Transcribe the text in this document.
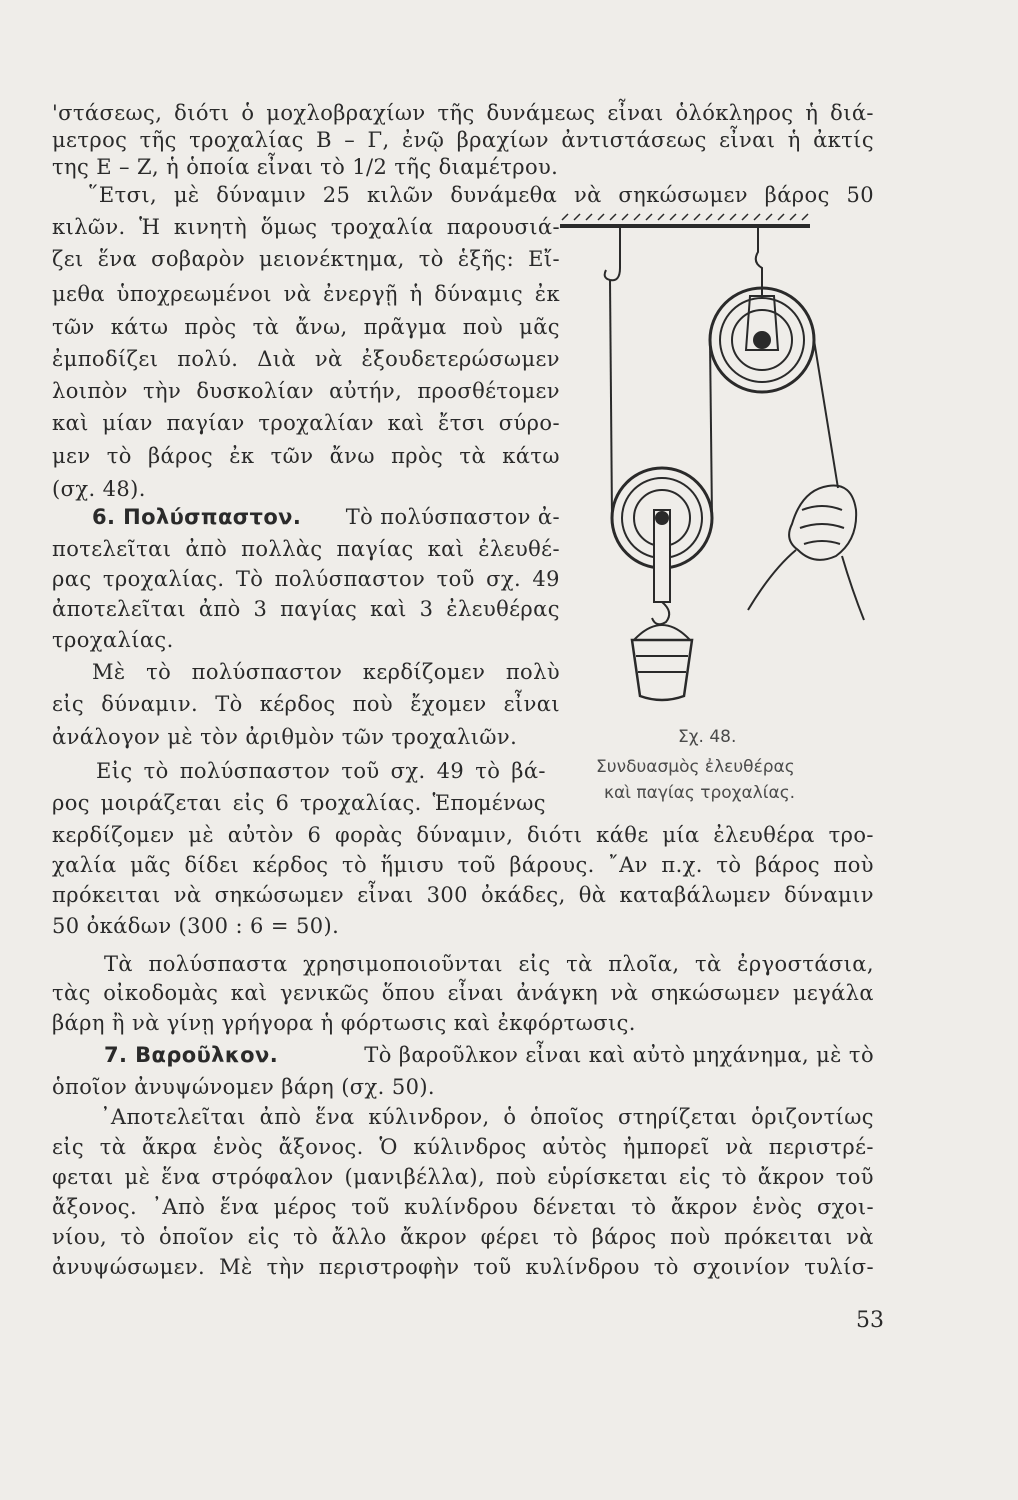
'στάσεως, διότι ὁ μοχλοβραχίων τῆς δυνάμεως εἶναι ὁλόκληρος ἡ διά-
μετρος τῆς τροχαλίας Β – Γ, ἐνῷ βραχίων ἀντιστάσεως εἶναι ἡ ἀκτίς
της Ε – Ζ, ἡ ὁποία εἶναι τὸ 1/2 τῆς διαμέτρου.
῞Ετσι, μὲ δύναμιν 25 κιλῶν δυνάμεθα νὰ σηκώσωμεν βάρος 50
κιλῶν. Ἡ κινητὴ ὅμως τροχαλία παρουσιά-
ζει ἕνα σοβαρὸν μειονέκτημα, τὸ ἑξῆς: Εἴ-
μεθα ὑποχρεωμένοι νὰ ἐνεργῇ ἡ δύναμις ἐκ
τῶν κάτω πρὸς τὰ ἄνω, πρᾶγμα ποὺ μᾶς
ἐμποδίζει πολύ. Διὰ νὰ ἐξουδετερώσωμεν
λοιπὸν τὴν δυσκολίαν αὐτήν, προσθέτομεν
καὶ μίαν παγίαν τροχαλίαν καὶ ἔτσι σύρο-
μεν τὸ βάρος ἐκ τῶν ἄνω πρὸς τὰ κάτω
(σχ. 48).
6. Πολύσπαστον. Τὸ πολύσπαστον ἀ-
ποτελεῖται ἀπὸ πολλὰς παγίας καὶ ἐλευθέ-
ρας τροχαλίας. Τὸ πολύσπαστον τοῦ σχ. 49
ἀποτελεῖται ἀπὸ 3 παγίας καὶ 3 ἐλευθέρας
τροχαλίας.
Μὲ τὸ πολύσπαστον κερδίζομεν πολὺ
εἰς δύναμιν. Τὸ κέρδος ποὺ ἔχομεν εἶναι
ἀνάλογον μὲ τὸν ἀριθμὸν τῶν τροχαλιῶν.
Εἰς τὸ πολύσπαστον τοῦ σχ. 49 τὸ βά-
ρος μοιράζεται εἰς 6 τροχαλίας. Ἑπομένως
κερδίζομεν μὲ αὐτὸν 6 φορὰς δύναμιν, διότι κάθε μία ἐλευθέρα τρο-
χαλία μᾶς δίδει κέρδος τὸ ἥμισυ τοῦ βάρους. ῎Αν π.χ. τὸ βάρος ποὺ
πρόκειται νὰ σηκώσωμεν εἶναι 300 ὀκάδες, θὰ καταβάλωμεν δύναμιν
50 ὀκάδων (300 : 6 = 50).
Τὰ πολύσπαστα χρησιμοποιοῦνται εἰς τὰ πλοῖα, τὰ ἐργοστάσια,
τὰς οἰκοδομὰς καὶ γενικῶς ὅπου εἶναι ἀνάγκη νὰ σηκώσωμεν μεγάλα
βάρη ἢ νὰ γίνῃ γρήγορα ἡ φόρτωσις καὶ ἐκφόρτωσις.
7. Βαροῦλκον.	Τὸ βαροῦλκον εἶναι καὶ αὐτὸ μηχάνημα, μὲ τὸ
ὁποῖον ἀνυψώνομεν βάρη (σχ. 50).
᾿Αποτελεῖται ἀπὸ ἕνα κύλινδρον, ὁ ὁποῖος στηρίζεται ὁριζοντίως
εἰς τὰ ἄκρα ἑνὸς ἄξονος. Ὁ κύλινδρος αὐτὸς ἠμπορεῖ νὰ περιστρέ-
φεται μὲ ἕνα στρόφαλον (μανιβέλλα), ποὺ εὑρίσκεται εἰς τὸ ἄκρον τοῦ
ἄξονος. ᾿Απὸ ἕνα μέρος τοῦ κυλίνδρου δένεται τὸ ἄκρον ἑνὸς σχοι-
νίου, τὸ ὁποῖον εἰς τὸ ἄλλο ἄκρον φέρει τὸ βάρος ποὺ πρόκειται νὰ
ἀνυψώσωμεν. Μὲ τὴν περιστροφὴν τοῦ κυλίνδρου τὸ σχοινίον τυλίσ-
Σχ. 48.
Συνδυασμὸς ἐλευθέρας
καὶ παγίας τροχαλίας.
53
